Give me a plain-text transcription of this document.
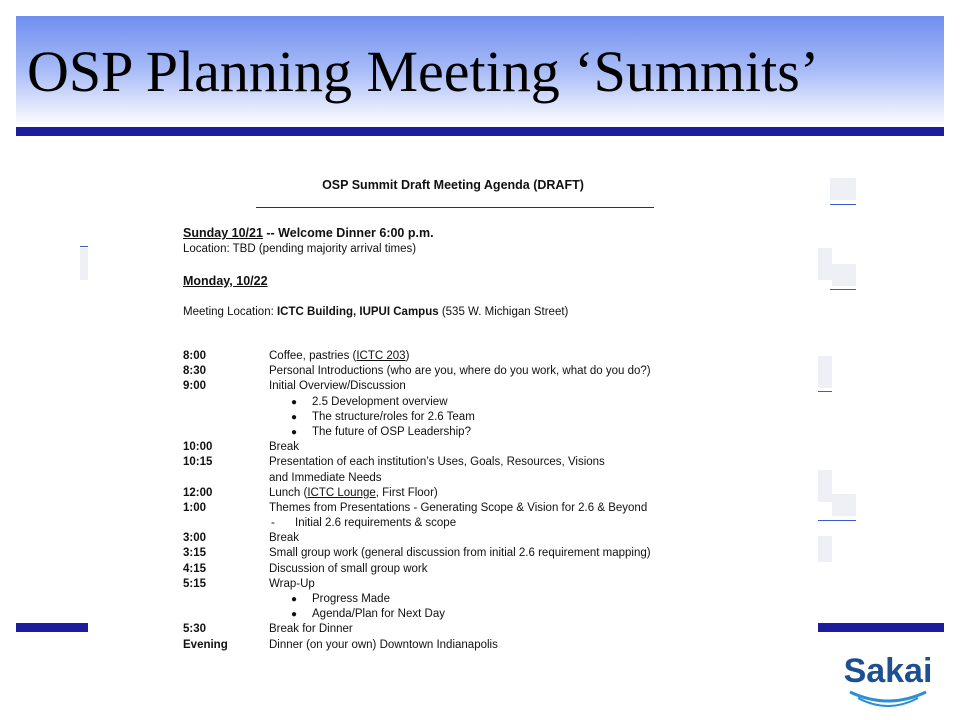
OSP Planning Meeting ‘Summits’
OSP Summit Draft Meeting Agenda (DRAFT)
Sunday 10/21 -- Welcome Dinner 6:00 p.m.
Location: TBD (pending majority arrival times)
Monday, 10/22
Meeting Location: ICTC Building, IUPUI Campus (535 W. Michigan Street)
8:00	Coffee, pastries (ICTC 203)
8:30	Personal Introductions (who are you, where do you work, what do you do?)
9:00	Initial Overview/Discussion
● 2.5 Development overview
● The structure/roles for 2.6 Team
● The future of OSP Leadership?
10:00	Break
10:15	Presentation of each institution’s Uses, Goals, Resources, Visions
and Immediate Needs
12:00	Lunch (ICTC Lounge, First Floor)
1:00	Themes from Presentations - Generating Scope & Vision for 2.6 & Beyond
- Initial 2.6 requirements & scope
3:00	Break
3:15	Small group work (general discussion from initial 2.6 requirement mapping)
4:15	Discussion of small group work
5:15	Wrap-Up
● Progress Made
● Agenda/Plan for Next Day
5:30	Break for Dinner
Evening	Dinner (on your own) Downtown Indianapolis
Sakai
